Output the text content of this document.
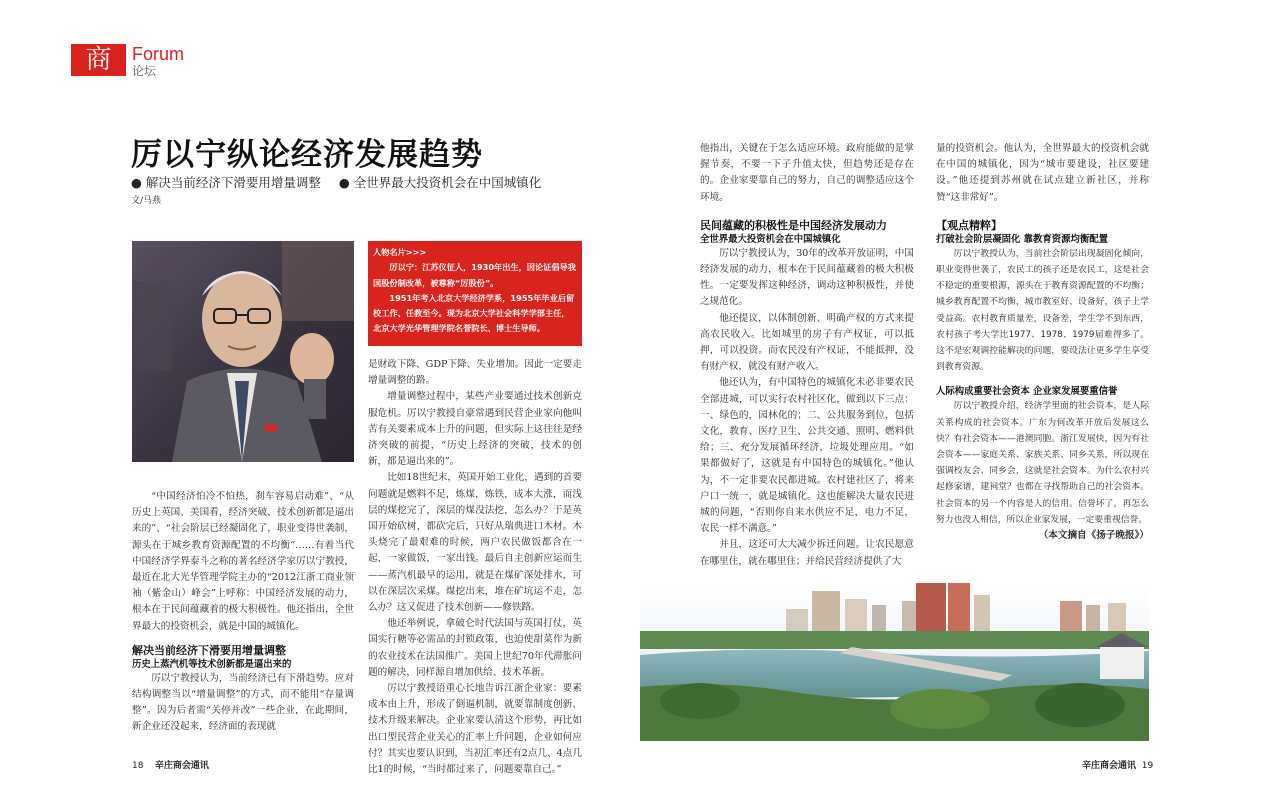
商	Forum
论坛
厉以宁纵论经济发展趋势
● 解决当前经济下滑要用增量调整 ● 全世界最大投资机会在中国城镇化
文/马燕

人物名片>>>

厉以宁：江苏仪征人，1930年出生，因论证倡导我国股份制改革，被尊称“厉股份”。

1951年考入北京大学经济学系，1955年毕业后留校工作、任教至今。现为北京大学社会科学学部主任，北京大学光华管理学院名誉院长、博士生导师。

“中国经济怕冷不怕热，刹车容易启动难”、“从历史上英国、美国看，经济突破、技术创新都是逼出来的”、“社会阶层已经凝固化了，职业变得世袭制，源头在于城乡教育资源配置的不均衡”……有着当代中国经济学界泰斗之称的著名经济学家厉以宁教授，最近在北大光华管理学院主办的“2012江浙工商业领袖（紫金山）峰会”上呼称：中国经济发展的动力，根本在于民间蕴藏着的极大积极性。他还指出，全世界最大的投资机会，就是中国的城镇化。

解决当前经济下滑要用增量调整
历史上蒸汽机等技术创新都是逼出来的

厉以宁教授认为，当前经济已有下滑趋势。应对结构调整当以“增量调整”的方式，而不能用“存量调整”。因为后者需“关停并改”一些企业，在此期间，新企业还没起来，经济面的表现就

是财政下降、GDP下降、失业增加。因此一定要走增量调整的路。

增量调整过程中，某些产业要通过技术创新克服危机。厉以宁教授自豪常遇到民营企业家向他叫苦有关要素成本上升的问题，但实际上这往往是经济突破的前提，“历史上经济的突破，技术的创新，都是逼出来的”。

比如18世纪末，英国开始工业化，遇到的首要问题就是燃料不足，炼煤，炼铁，成本大涨，而浅层的煤挖完了，深层的煤没法挖，怎么办？于是英国开始砍树，都砍完后，只好从瑞典进口木材。木头烧完了最艰难的时候，两户农民做饭都合在一起，一家做饭，一家出钱。最后自主创新应运而生——蒸汽机最早的运用，就是在煤矿深处排水，可以在深层次采煤。煤挖出来，堆在矿坑运不走，怎么办？这又促进了技术创新——修铁路。

他还举例说，拿破仑时代法国与英国打仗，英国实行糖等必需品的封锁政策，也迫使甜菜作为新的农业技术在法国推广。美国上世纪70年代滞胀问题的解决，同样源自增加供给、技术革新。

厉以宁教授语重心长地告诉江浙企业家：要素成本由上升，形成了倒逼机制，就要靠制度创新、技术升级来解决。企业家要认清这个形势，再比如出口型民营企业关心的汇率上升问题，企业如何应付？其实也要认识到，当初汇率还有2点几、4点几比1的时候，“当时都过来了，问题要靠自己。”

他指出，关键在于怎么适应环境。政府能做的是掌握节奏，不要一下子升值太快，但趋势还是存在的。企业家要靠自己的努力，自己的调整适应这个环境。

民间蕴藏的积极性是中国经济发展动力
全世界最大投资机会在中国城镇化

厉以宁教授认为，30年的改革开放证明，中国经济发展的动力，根本在于民间蕴藏着的极大积极性。一定要发挥这种经济，调动这种积极性，并使之规范化。

他还提议，以体制创新、明确产权的方式来提高农民收入。比如城里的房子有产权证，可以抵押，可以投资。而农民没有产权证，不能抵押，没有财产权，就没有财产收入。

他还认为，有中国特色的城镇化未必非要农民全部进城，可以实行农村社区化，做到以下三点：一、绿色的，园林化的；二、公共服务到位，包括文化，教育、医疗卫生、公共交通、照明、燃料供给；三、充分发展循环经济，垃圾处理应用。“如果都做好了，这就是有中国特色的城镇化。”他认为，不一定非要农民都进城。农村建社区了，将来户口一统一，就是城镇化。这也能解决大量农民进城的问题，“否则你自来水供应不足，电力不足，农民一样不满意。”

并且，这还可大大减少拆迁问题。让农民愿意在哪里住，就在哪里住；并给民营经济提供了大

量的投资机会。他认为，全世界最大的投资机会就在中国的城镇化，因为“城市要建设，社区要建设。”他还提到苏州就在试点建立新社区，并称赞“这非常好”。

【观点精粹】
打破社会阶层凝固化 靠教育资源均衡配置

厉以宁教授认为，当前社会阶层出现凝固化倾向，职业变得世袭了，农民工的孩子还是农民工，这是社会不稳定的重要根源，源头在于教育资源配置的不均衡；城乡教育配置不均衡，城市教室好、设备好，孩子上学受益高。农村教育质量差，设备差，学生学不到东西，农村孩子考大学比1977、1978、1979届难得多了。这不是宏观调控能解决的问题，要设法让更多学生享受到教育资源。

人际构成重要社会资本 企业家发展要重信誉

厉以宁教授介绍，经济学里面的社会资本，是人际关系构成的社会资本。广东为何改革开放后发展这么快？有社会资本——港澳同胞。浙江发展快，因为有社会资本——家庭关系、家族关系、同乡关系，所以现在强调校友会、同乡会，这就是社会资本。为什么农村兴起修家谱，建祠堂？也都在寻找帮助自己的社会资本。社会资本的另一个内容是人的信用。信誉坏了，再怎么努力也没人相信，所以企业家发展，一定要重视信誉。

（本文摘自《扬子晚报》）

18 辛庄商会通讯	辛庄商会通讯 19
